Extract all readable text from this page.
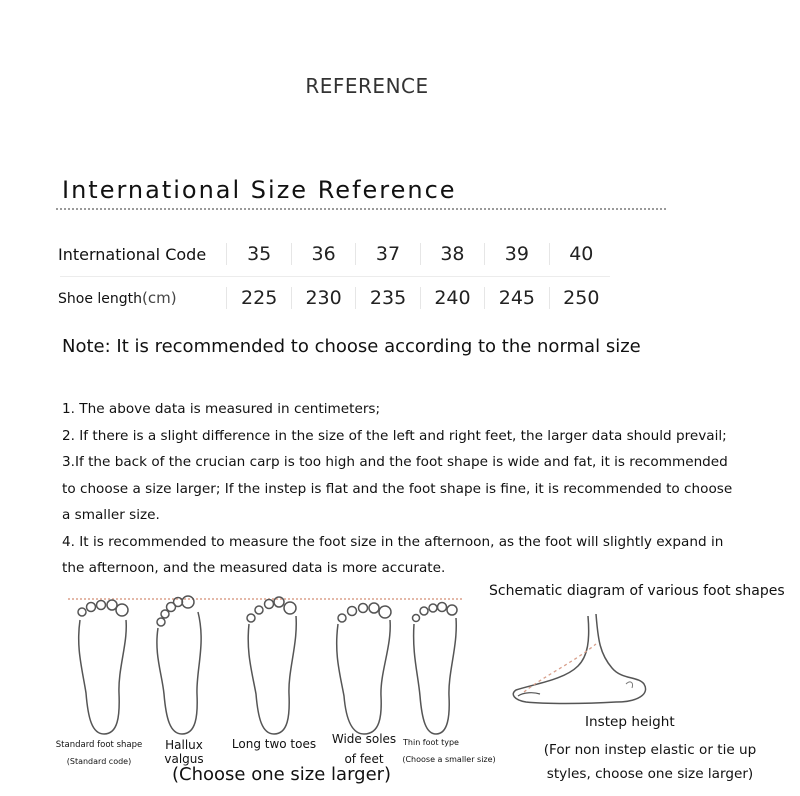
REFERENCE
International Size Reference
International Code	35	36	37	38	39	40
Shoe length(cm)	225	230	235	240	245	250
Note: It is recommended to choose according to the normal size

1. The above data is measured in centimeters;

2. If there is a slight difference in the size of the left and right feet, the larger data should prevail;

3.If the back of the crucian carp is too high and the foot shape is wide and fat, it is recommended to choose a size larger; If the instep is flat and the foot shape is fine, it is recommended to choose a smaller size.

4. It is recommended to measure the foot size in the afternoon, as the foot will slightly expand in the afternoon, and the measured data is more accurate.

Standard foot shape
(Standard code)
Hallux valgus
Long two toes	Wide soles
of feet
Thin foot type
(Choose a smaller size)
(Choose one size larger)
Schematic diagram of various foot shapes
Instep height
(For non instep elastic or tie up styles, choose one size larger)
